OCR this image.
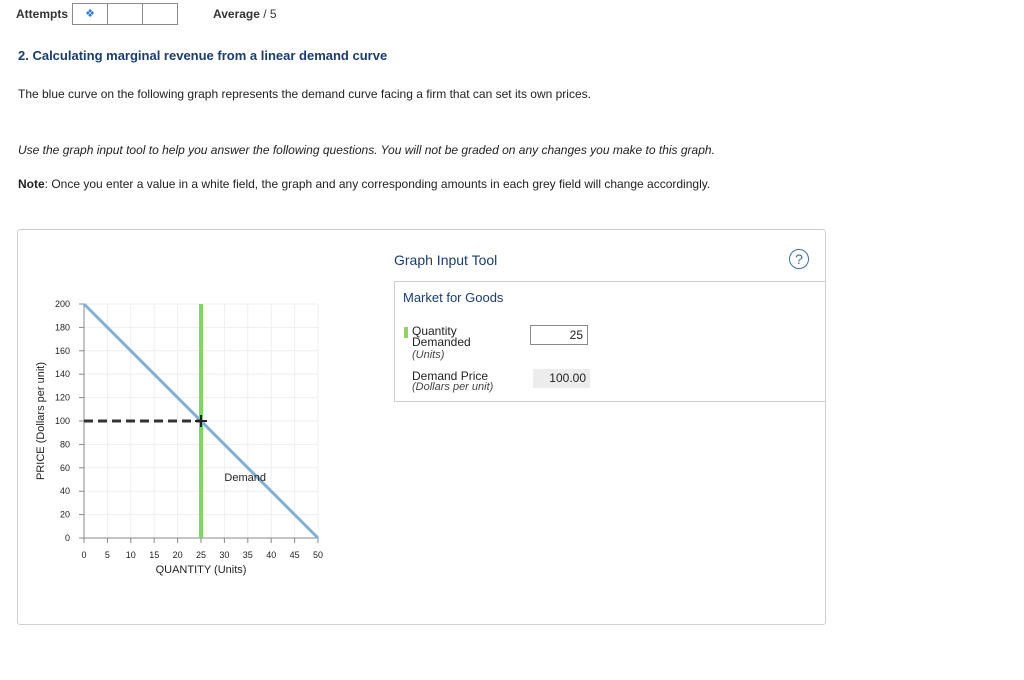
Attempts ❖	Average / 5
2. Calculating marginal revenue from a linear demand curve
The blue curve on the following graph represents the demand curve facing a firm that can set its own prices.
Use the graph input tool to help you answer the following questions. You will not be graded on any changes you make to this graph.
Note: Once you enter a value in a white field, the graph and any corresponding amounts in each grey field will change accordingly.
0 5 10 15 20 25 30 35 40 45 50
0
20
40
60
80
100
120
140
160
180
200
QUANTITY (Units)
PRICE (Dollars per unit)	Demand
Graph Input Tool	?
Market for Goods
Quantity Demanded
(Units)
25
Demand Price
(Dollars per unit)
100.00
